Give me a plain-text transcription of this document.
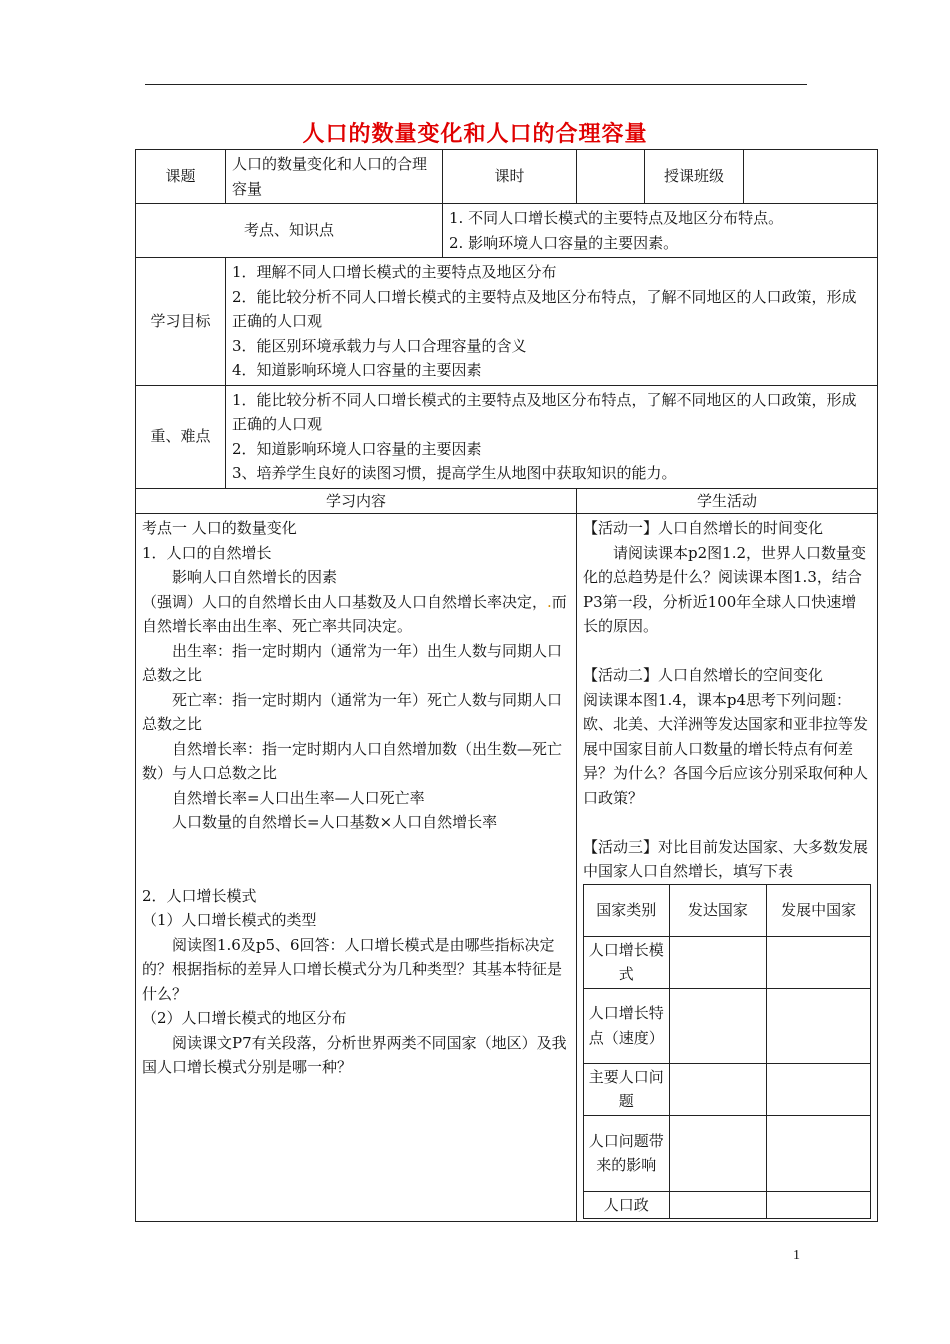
人口的数量变化和人口的合理容量
课题	人口的数量变化和人口的合理容量	课时		授课班级	
考点、知识点	
1. 不同人口增长模式的主要特点及地区分布特点。
2. 影响环境人口容量的主要因素。

学习目标	
1．理解不同人口增长模式的主要特点及地区分布
2．能比较分析不同人口增长模式的主要特点及地区分布特点，了解不同地区的人口政策，形成正确的人口观
3．能区别环境承载力与人口合理容量的含义
4．知道影响环境人口容量的主要因素

重、难点	
1．能比较分析不同人口增长模式的主要特点及地区分布特点，了解不同地区的人口政策，形成正确的人口观
2．知道影响环境人口容量的主要因素
3、培养学生良好的读图习惯，提高学生从地图中获取知识的能力。

学习内容	学生活动

考点一 人口的数量变化

1．人口的自然增长

影响人口自然增长的因素

（强调）人口的自然增长由人口基数及人口自然增长率决定，.而自然增长率由出生率、死亡率共同决定。

出生率：指一定时期内（通常为一年）出生人数与同期人口总数之比

死亡率：指一定时期内（通常为一年）死亡人数与同期人口总数之比

自然增长率：指一定时期内人口自然增加数（出生数—死亡数）与人口总数之比

自然增长率=人口出生率—人口死亡率

人口数量的自然增长=人口基数×人口自然增长率

2．人口增长模式

（1）人口增长模式的类型

阅读图1.6及p5、6回答：人口增长模式是由哪些指标决定的？根据指标的差异人口增长模式分为几种类型？其基本特征是什么？

（2）人口增长模式的地区分布

阅读课文P7有关段落，分析世界两类不同国家（地区）及我国人口增长模式分别是哪一种？

【活动一】人口自然增长的时间变化

请阅读课本p2图1.2，世界人口数量变化的总趋势是什么？阅读课本图1.3，结合P3第一段，分析近100年全球人口快速增长的原因。

【活动二】人口自然增长的空间变化

阅读课本图1.4，课本p4思考下列问题：欧、北美、大洋洲等发达国家和亚非拉等发展中国家目前人口数量的增长特点有何差异？为什么？各国今后应该分别采取何种人口政策？

【活动三】对比目前发达国家、大多数发展中国家人口自然增长，填写下表

国家类别	发达国家	发展中国家
人口增长模式		
人口增长特点（速度）		
主要人口问题		
人口问题带来的影响		
人口政		
1
